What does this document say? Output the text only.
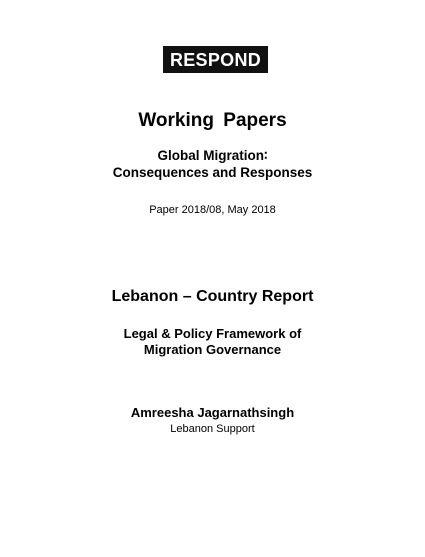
RESPOND
Working Papers
Global Migration∶
Consequences and Responses
Paper 2018/08, May 2018
Lebanon – Country Report
Legal & Policy Framework of
Migration Governance
Amreesha Jagarnathsingh
Lebanon Support
